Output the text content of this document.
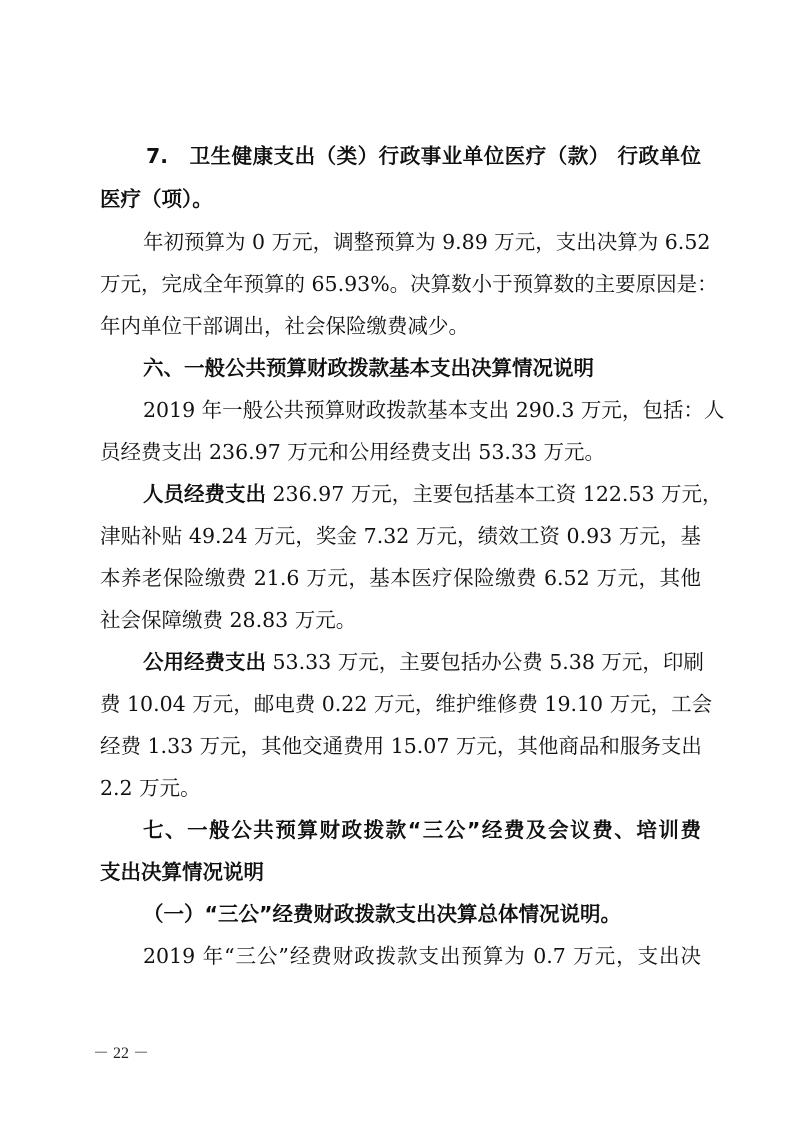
7.　卫生健康支出（类）行政事业单位医疗（款） 行政单位
医疗（项）。
年初预算为 0 万元，调整预算为 9.89 万元，支出决算为 6.52
万元，完成全年预算的 65.93%。决算数小于预算数的主要原因是：
年内单位干部调出，社会保险缴费减少。
六、一般公共预算财政拨款基本支出决算情况说明
2019 年一般公共预算财政拨款基本支出 290.3 万元，包括：人
员经费支出 236.97 万元和公用经费支出 53.33 万元。
人员经费支出 236.97 万元，主要包括基本工资 122.53 万元，
津贴补贴 49.24 万元，奖金 7.32 万元，绩效工资 0.93 万元，基
本养老保险缴费 21.6 万元，基本医疗保险缴费 6.52 万元，其他
社会保障缴费 28.83 万元。
公用经费支出 53.33 万元，主要包括办公费 5.38 万元，印刷
费 10.04 万元，邮电费 0.22 万元，维护维修费 19.10 万元，工会
经费 1.33 万元，其他交通费用 15.07 万元，其他商品和服务支出
2.2 万元。
七、一般公共预算财政拨款“三公”经费及会议费、培训费
支出决算情况说明
（一）“三公”经费财政拨款支出决算总体情况说明。
2019 年“三公”经费财政拨款支出预算为 0.7 万元，支出决
－ 22 －
